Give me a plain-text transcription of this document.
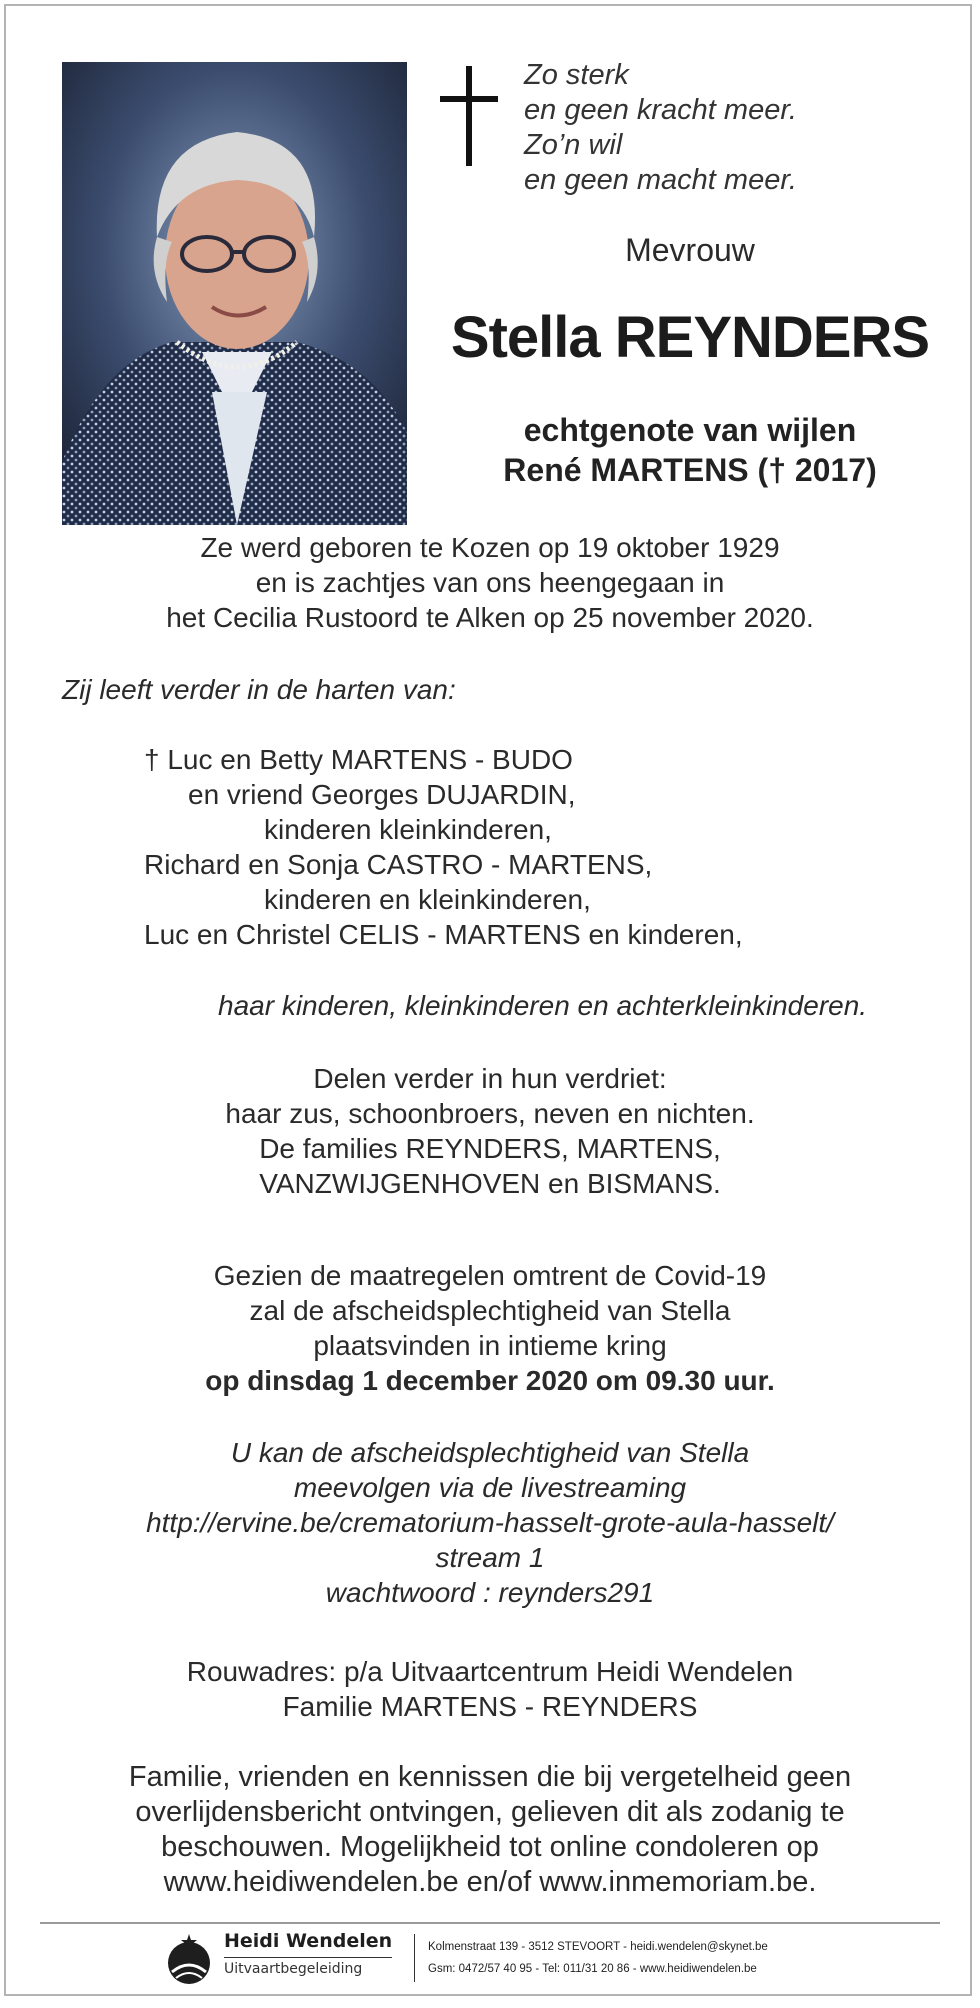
Zo sterk
en geen kracht meer.
Zo’n wil
en geen macht meer.
Mevrouw
Stella REYNDERS
echtgenote van wijlen
René MARTENS († 2017)
Ze werd geboren te Kozen op 19 oktober 1929
en is zachtjes van ons heengegaan in
het Cecilia Rustoord te Alken op 25 november 2020.
Zij leeft verder in de harten van:
† Luc en Betty MARTENS - BUDO
en vriend Georges DUJARDIN,
kinderen kleinkinderen,
Richard en Sonja CASTRO - MARTENS,
kinderen en kleinkinderen,
Luc en Christel CELIS - MARTENS en kinderen,
haar kinderen, kleinkinderen en achterkleinkinderen.
Delen verder in hun verdriet:
haar zus, schoonbroers, neven en nichten.
De families REYNDERS, MARTENS,
VANZWIJGENHOVEN en BISMANS.
Gezien de maatregelen omtrent de Covid-19
zal de afscheidsplechtigheid van Stella
plaatsvinden in intieme kring
op dinsdag 1 december 2020 om 09.30 uur.
U kan de afscheidsplechtigheid van Stella
meevolgen via de livestreaming
http://ervine.be/crematorium-hasselt-grote-aula-hasselt/
stream 1
wachtwoord : reynders291
Rouwadres: p/a Uitvaartcentrum Heidi Wendelen
Familie MARTENS - REYNDERS
Familie, vrienden en kennissen die bij vergetelheid geen
overlijdensbericht ontvingen, gelieven dit als zodanig te
beschouwen. Mogelijkheid tot online condoleren op
www.heidiwendelen.be en/of www.inmemoriam.be.
Heidi Wendelen
Uitvaartbegeleiding
Kolmenstraat 139 - 3512 STEVOORT - heidi.wendelen@skynet.be
Gsm: 0472/57 40 95 - Tel: 011/31 20 86 - www.heidiwendelen.be
